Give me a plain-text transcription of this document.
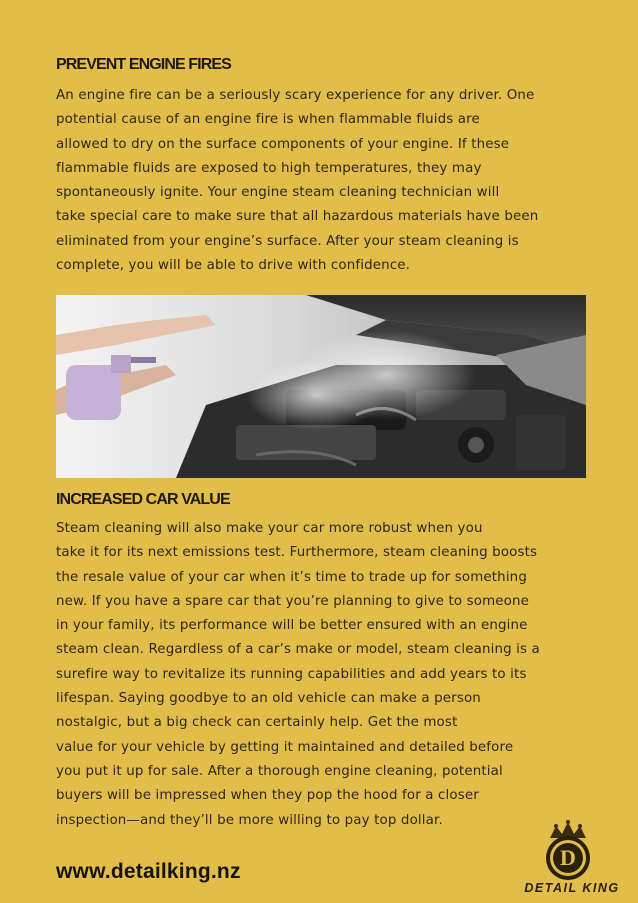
PREVENT ENGINE FIRES
An engine fire can be a seriously scary experience for any driver. One
potential cause of an engine fire is when flammable fluids are
allowed to dry on the surface components of your engine. If these
flammable fluids are exposed to high temperatures, they may
spontaneously ignite. Your engine steam cleaning technician will
take special care to make sure that all hazardous materials have been
eliminated from your engine’s surface. After your steam cleaning is
complete, you will be able to drive with confidence.
INCREASED CAR VALUE
Steam cleaning will also make your car more robust when you
take it for its next emissions test. Furthermore, steam cleaning boosts
the resale value of your car when it’s time to trade up for something
new. If you have a spare car that you’re planning to give to someone
in your family, its performance will be better ensured with an engine
steam clean. Regardless of a car’s make or model, steam cleaning is a
surefire way to revitalize its running capabilities and add years to its
lifespan. Saying goodbye to an old vehicle can make a person
nostalgic, but a big check can certainly help. Get the most
value for your vehicle by getting it maintained and detailed before
you put it up for sale. After a thorough engine cleaning, potential
buyers will be impressed when they pop the hood for a closer
inspection—and they’ll be more willing to pay top dollar.
www.detailking.nz
D
DETAIL KING
